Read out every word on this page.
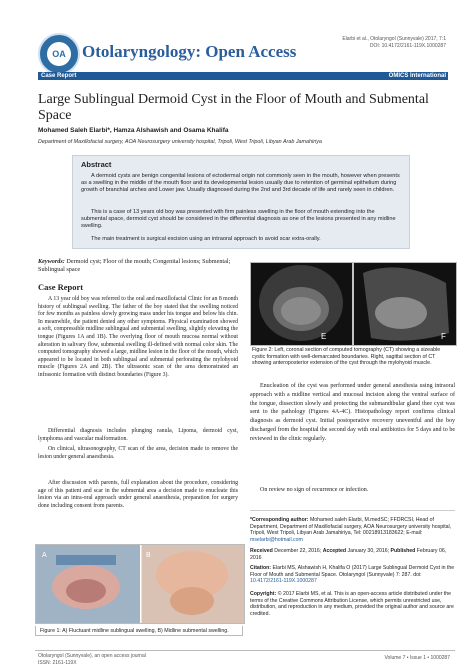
OA Otolaryngology: Open Access
Elarbi et al., Otolaryngol (Sunnyvale) 2017, 7:1
DOI: 10.4172/2161-119X.1000287
Case Report	OMICS International
Large Sublingual Dermoid Cyst in the Floor of Mouth and Submental Space
Mohamed Saleh Elarbi*, Hamza Alshawish and Osama Khalifa
Department of Maxillofacial surgery, AOA Neurosurgery university hospital, Tripoli, West Tripoli, Libyan Arab Jamahiriya
Abstract
A dermoid cysts are benign congenital lesions of ectodermal origin not commonly seen in the mouth, however when presents as a swelling in the middle of the mouth floor and its developmental lesion usually due to retention of germinal epithelium during growth of branchial arches and Lower jaw. Usually diagnosed during the 2nd and 3rd decade of life and rarely seen in children.
This is a case of 13 years old boy was presented with firm painless swelling in the floor of mouth extending into the submental space, dermoid cyst should be considered in the differential diagnosis as one of the lesions presented in any midline swelling.
The main treatment is surgical excision using an intraoral approach to avoid scar extra-orally.
Keywords: Dermoid cyst; Floor of the mouth; Congenital lesions; Submental; Sublingual space
Case Report
A 13 year old boy was referred to the oral and maxillofacial Clinic for an 8 month history of sublingual swelling. The father of the boy stated that the swelling noticed for few months as painless slowly growing mass under his tongue and below his chin. In meanwhile, the patient denied any other symptoms. Physical examination showed a soft, compressible midline sublingual and submental swelling, slightly elevating the tongue (Figures 1A and 1B). The overlying floor of mouth mucosa normal without alteration in salivary flow, submental swelling ill-defined with normal color skin. The computed tomography showed a large, midline lesion in the floor of the mouth, which appeared to be located in both sublingual and submental perforating the mylohyoid muscle (Figures 2A and 2B). The ultrasonic scan of the area demonstrated an infrasonic formation with distinct boundaries (Figure 3).
Differential diagnosis includes plunging ranula, Lipoma, dermoid cyst, lymphoma and vascular malformation.
On clinical, ultrasonography, CT scan of the area, decision made to remove the lesion under general anaesthesia.
After discussion with parents, full explanation about the procedure, considering age of this patient and scar in the submental area a decision made to enucleate this lesion via an intra-oral approach under general anaesthesia, preparation for surgery done including consent from parents.
E	F
Figure 2: Left, coronal section of computed tomography (CT) showing a sizeable cystic formation with well-demarcated boundaries. Right, sagittal section of CT showing anteroposterior extension of the cyst through the mylohyoid muscle.
Enucleation of the cyst was performed under general anesthesia using intraoral approach with a midline vertical and mucosal incision along the ventral surface of the tongue, dissection slowly and protecting the submandibular gland thee cyst was sent to the pathology (Figures 4A-4C). Histopathology report confirms clinical diagnosis as dermoid cyst. Initial postoperative recovery uneventful and the boy discharged from the hospital the second day with oral antibiotics for 5 days and to be reviewed in the clinic regularly.
On review no sign of recurrence or infection.
*Corresponding author: Mohamed saleh Elarbi, M.medSC; FFDRCSI, Head of Department, Department of Maxillofacial surgery, AOA Neurosurgery university hospital, Tripoli, West Tripoli, Libyan Arab Jamahiriya, Tel: 00218913183622; E-mail: mselarbi@hotmail.com
Received December 22, 2016; Accepted January 30, 2016; Published February 06, 2016
Citation: Elarbi MS, Alshawish H, Khalifa O (2017) Large Sublingual Dermoid Cyst in the Floor of Mouth and Submental Space. Otolaryngol (Sunnyvale) 7: 287. doi: 10.4172/2161-119X.1000287
Copyright: © 2017 Elarbi MS, et al. This is an open-access article distributed under the terms of the Creative Commons Attribution License, which permits unrestricted use, distribution, and reproduction in any medium, provided the original author and source are credited.
A	B
Figure 1: A) Fluctuant midline sublingual swelling, B) Midline submental swelling.
Otolaryngol (Sunnyvale), an open access journal
ISSN: 2161-119X
Volume 7 • Issue 1 • 1000287
